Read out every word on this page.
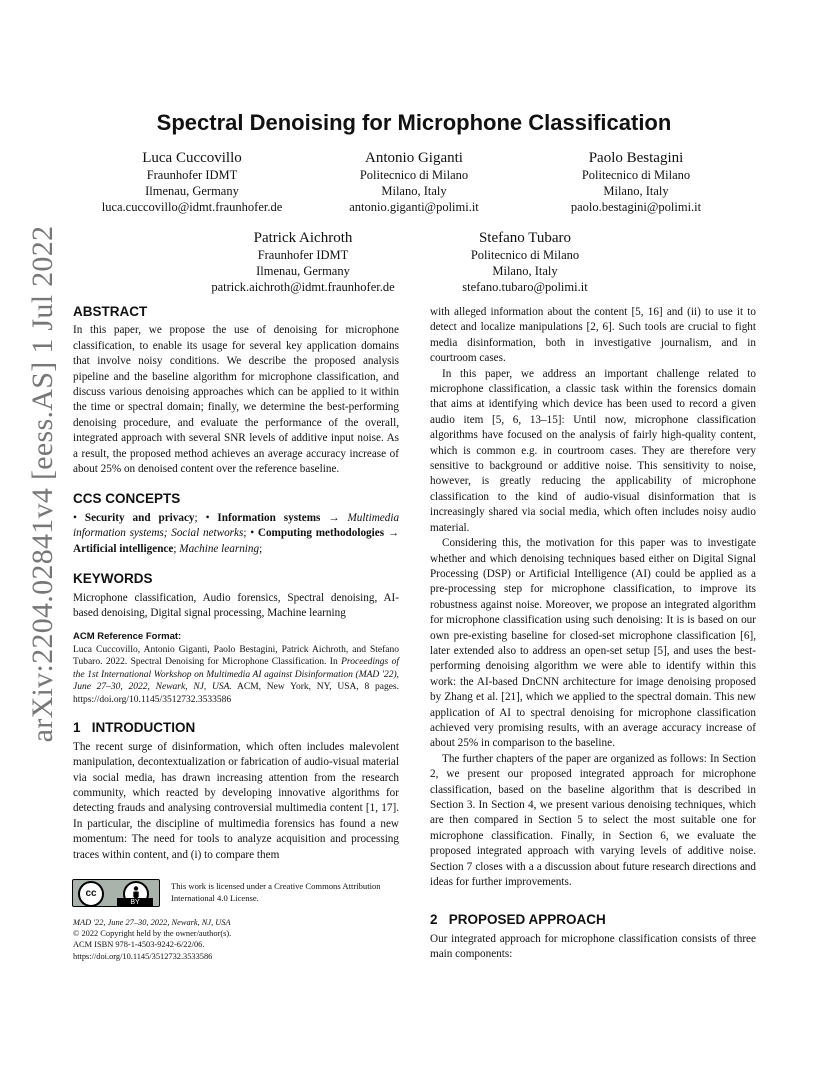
arXiv:2204.02841v4 [eess.AS] 1 Jul 2022
Spectral Denoising for Microphone Classification
Luca Cuccovillo
Fraunhofer IDMT
Ilmenau, Germany
luca.cuccovillo@idmt.fraunhofer.de
Antonio Giganti
Politecnico di Milano
Milano, Italy
antonio.giganti@polimi.it
Paolo Bestagini
Politecnico di Milano
Milano, Italy
paolo.bestagini@polimi.it
Patrick Aichroth
Fraunhofer IDMT
Ilmenau, Germany
patrick.aichroth@idmt.fraunhofer.de
Stefano Tubaro
Politecnico di Milano
Milano, Italy
stefano.tubaro@polimi.it
ABSTRACT

In this paper, we propose the use of denoising for microphone classification, to enable its usage for several key application domains that involve noisy conditions. We describe the proposed analysis pipeline and the baseline algorithm for microphone classification, and discuss various denoising approaches which can be applied to it within the time or spectral domain; finally, we determine the best-performing denoising procedure, and evaluate the performance of the overall, integrated approach with several SNR levels of additive input noise. As a result, the proposed method achieves an average accuracy increase of about 25% on denoised content over the reference baseline.

CCS CONCEPTS

• Security and privacy; • Information systems → Multimedia information systems; Social networks; • Computing methodologies → Artificial intelligence; Machine learning;

KEYWORDS

Microphone classification, Audio forensics, Spectral denoising, AI-based denoising, Digital signal processing, Machine learning

ACM Reference Format:
Luca Cuccovillo, Antonio Giganti, Paolo Bestagini, Patrick Aichroth, and Stefano Tubaro. 2022. Spectral Denoising for Microphone Classification. In Proceedings of the 1st International Workshop on Multimedia AI against Disinformation (MAD '22), June 27–30, 2022, Newark, NJ, USA. ACM, New York, NY, USA, 8 pages. https://doi.org/10.1145/3512732.3533586
1 INTRODUCTION

The recent surge of disinformation, which often includes malevolent manipulation, decontextualization or fabrication of audio-visual material via social media, has drawn increasing attention from the research community, which reacted by developing innovative algorithms for detecting frauds and analysing controversial multimedia content [1, 17]. In particular, the discipline of multimedia forensics has found a new momentum: The need for tools to analyze acquisition and processing traces within content, and (i) to compare them

cc
BY
This work is licensed under a Creative Commons Attribution International 4.0 License.
MAD '22, June 27–30, 2022, Newark, NJ, USA
© 2022 Copyright held by the owner/author(s).
ACM ISBN 978-1-4503-9242-6/22/06.
https://doi.org/10.1145/3512732.3533586

with alleged information about the content [5, 16] and (ii) to use it to detect and localize manipulations [2, 6]. Such tools are crucial to fight media disinformation, both in investigative journalism, and in courtroom cases.

In this paper, we address an important challenge related to microphone classification, a classic task within the forensics domain that aims at identifying which device has been used to record a given audio item [5, 6, 13–15]: Until now, microphone classification algorithms have focused on the analysis of fairly high-quality content, which is common e.g. in courtroom cases. They are therefore very sensitive to background or additive noise. This sensitivity to noise, however, is greatly reducing the applicability of microphone classification to the kind of audio-visual disinformation that is increasingly shared via social media, which often includes noisy audio material.

Considering this, the motivation for this paper was to investigate whether and which denoising techniques based either on Digital Signal Processing (DSP) or Artificial Intelligence (AI) could be applied as a pre-processing step for microphone classification, to improve its robustness against noise. Moreover, we propose an integrated algorithm for microphone classification using such denoising: It is is based on our own pre-existing baseline for closed-set microphone classification [6], later extended also to address an open-set setup [5], and uses the best-performing denoising algorithm we were able to identify within this work: the AI-based DnCNN architecture for image denoising proposed by Zhang et al. [21], which we applied to the spectral domain. This new application of AI to spectral denoising for microphone classification achieved very promising results, with an average accuracy increase of about 25% in comparison to the baseline.

The further chapters of the paper are organized as follows: In Section 2, we present our proposed integrated approach for microphone classification, based on the baseline algorithm that is described in Section 3. In Section 4, we present various denoising techniques, which are then compared in Section 5 to select the most suitable one for microphone classification. Finally, in Section 6, we evaluate the proposed integrated approach with varying levels of additive noise. Section 7 closes with a a discussion about future research directions and ideas for further improvements.

2 PROPOSED APPROACH

Our integrated approach for microphone classification consists of three main components:
